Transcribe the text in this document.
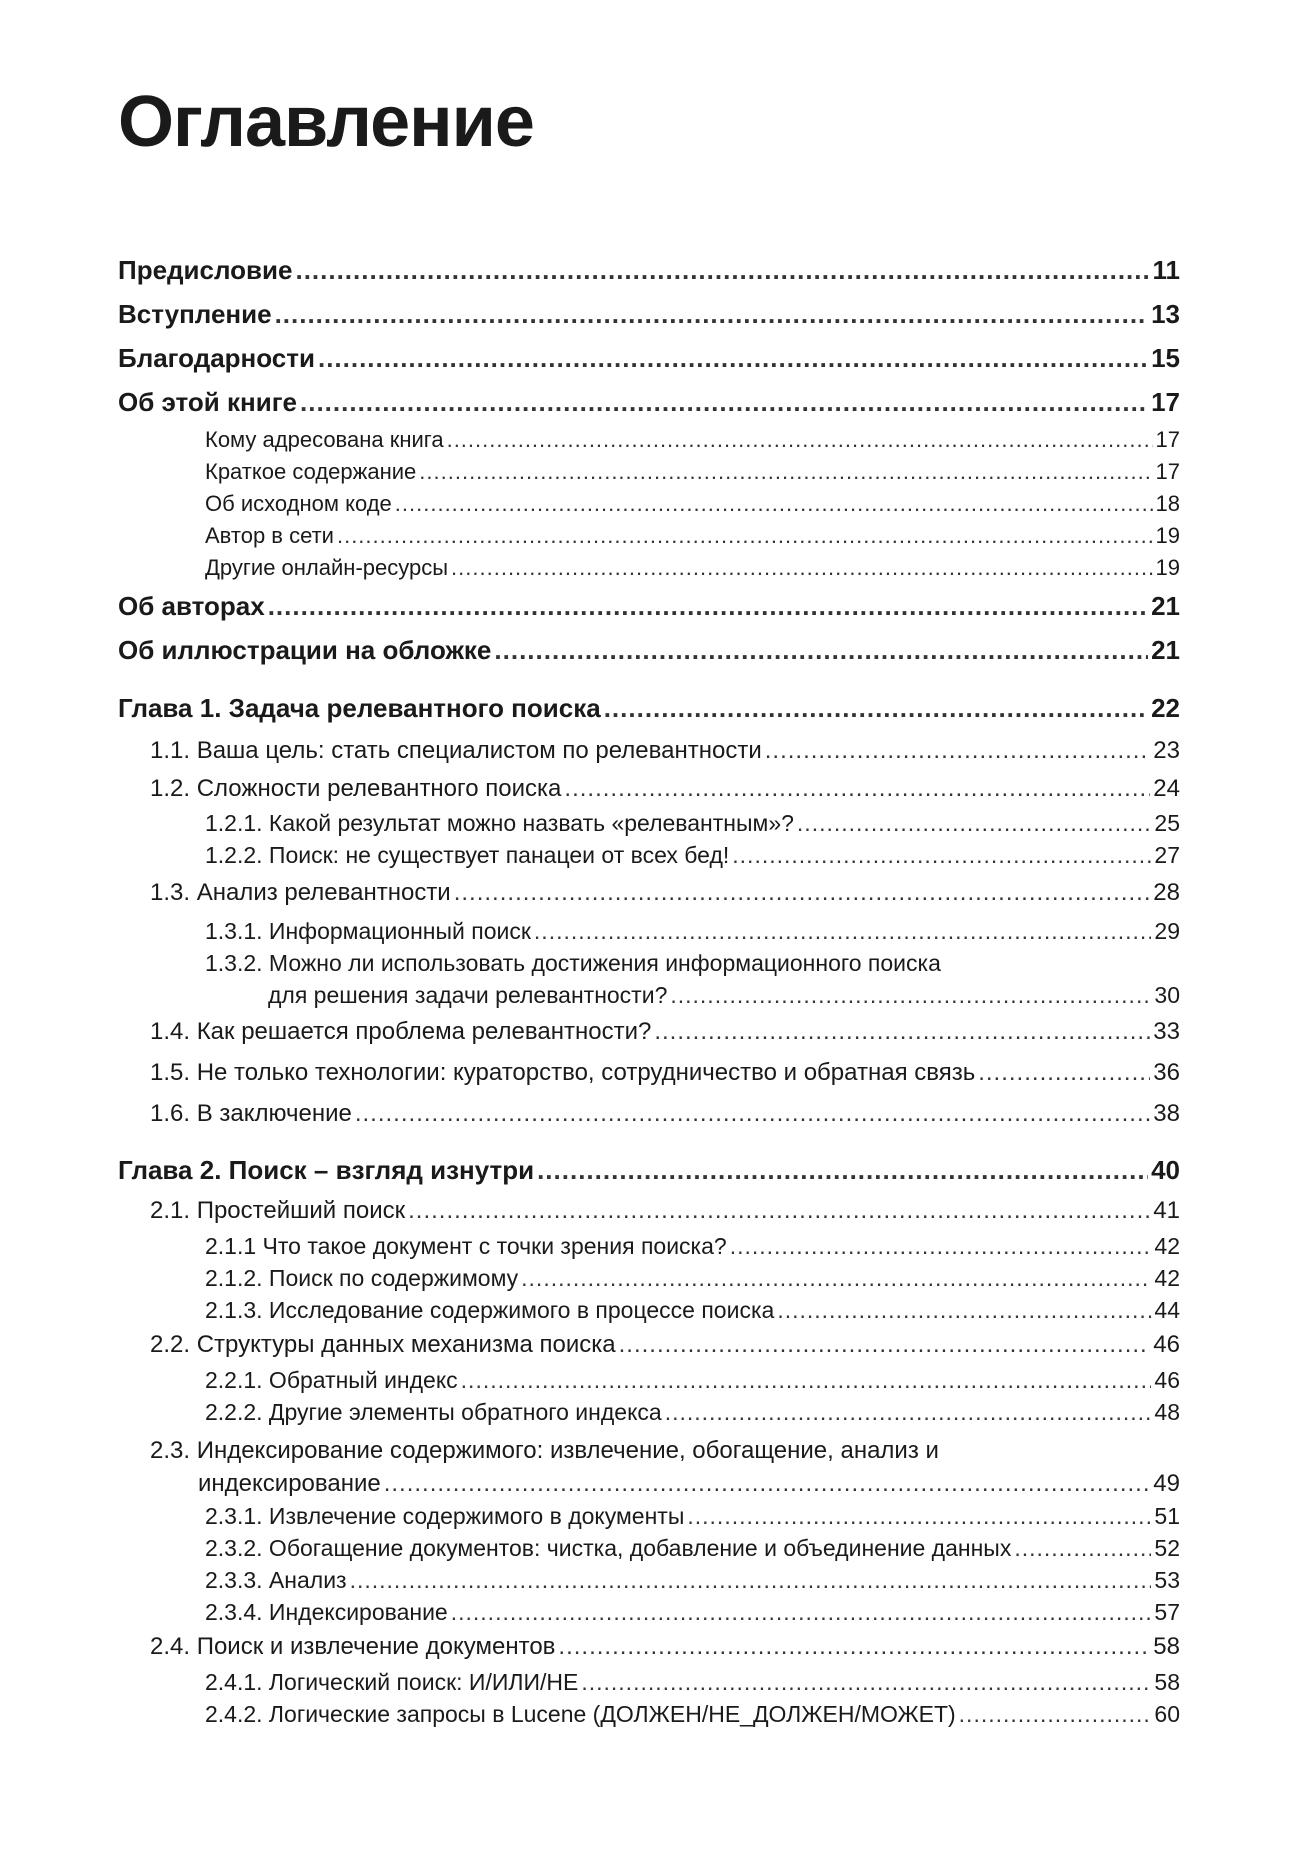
Оглавление
Предисловие .....	11
Вступление .....	13
Благодарности .....	15
Об этой книге .....	17
Кому адресована книга .....	17
Краткое содержание .....	17
Об исходном коде .....	18
Автор в сети .....	19
Другие онлайн-ресурсы .....	19
Об авторах .....	21
Об иллюстрации на обложке .....	21
Глава 1. Задача релевантного поиска .....	22
1.1. Ваша цель: стать специалистом по релевантности .....	23
1.2. Сложности релевантного поиска .....	24
1.2.1. Какой результат можно назвать «релевантным»? .....	25
1.2.2. Поиск: не существует панацеи от всех бед! .....	27
1.3. Анализ релевантности .....	28
1.3.1. Информационный поиск .....	29
1.3.2. Можно ли использовать достижения информационного поиска
для решения задачи релевантности? .....	30
1.4. Как решается проблема релевантности? .....	33
1.5. Не только технологии: кураторство, сотрудничество и обратная связь .....	36
1.6. В заключение .....	38
Глава 2. Поиск – взгляд изнутри .....	40
2.1. Простейший поиск .....	41
2.1.1 Что такое документ с точки зрения поиска? .....	42
2.1.2. Поиск по содержимому .....	42
2.1.3. Исследование содержимого в процессе поиска .....	44
2.2. Структуры данных механизма поиска .....	46
2.2.1. Обратный индекс .....	46
2.2.2. Другие элементы обратного индекса .....	48
2.3. Индексирование содержимого: извлечение, обогащение, анализ и
индексирование .....	49
2.3.1. Извлечение содержимого в документы .....	51
2.3.2. Обогащение документов: чистка, добавление и объединение данных .....	52
2.3.3. Анализ .....	53
2.3.4. Индексирование .....	57
2.4. Поиск и извлечение документов .....	58
2.4.1. Логический поиск: И/ИЛИ/НЕ .....	58
2.4.2. Логические запросы в Lucene (ДОЛЖЕН/НЕ_ДОЛЖЕН/МОЖЕТ) .....	60
